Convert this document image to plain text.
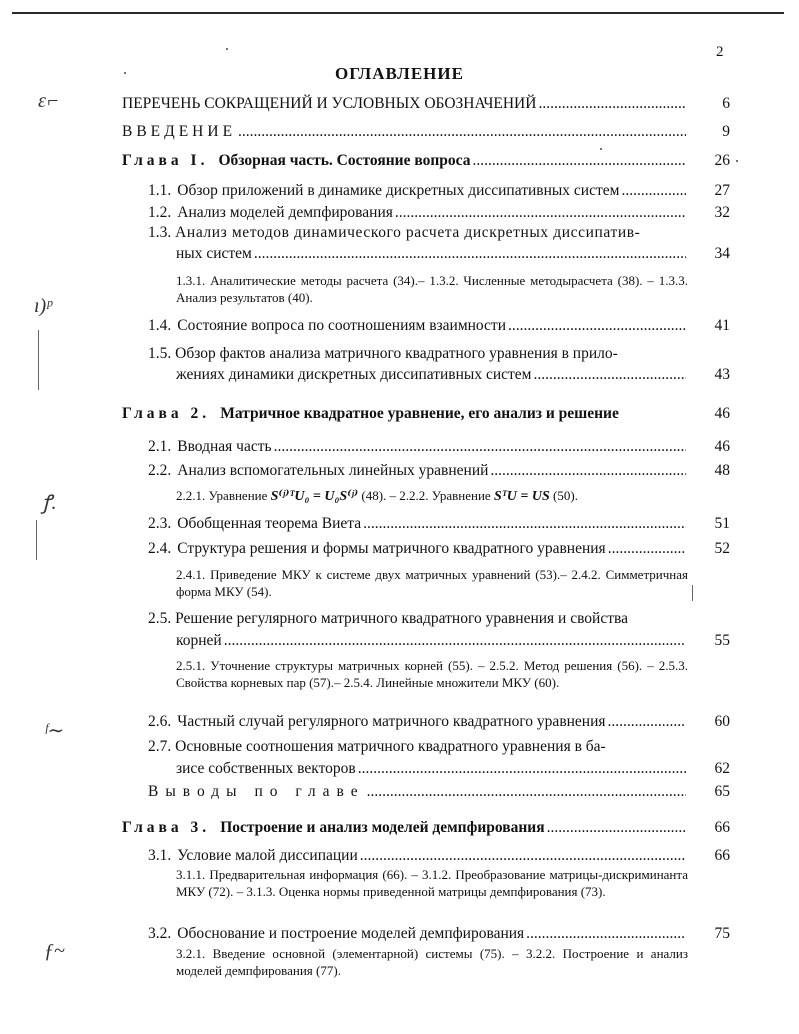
2
ОГЛАВЛЕНИЕ
ɛ⌐
ı)ᵖ
ꝭ.
ᶠ∼
ƒ~
ПЕРЕЧЕНЬ СОКРАЩЕНИЙ И УСЛОВНЫХ ОБОЗНАЧЕНИЙ .....	6
ВВЕДЕНИЕ .....	9
Глава I. Обзорная часть. Состояние вопроса .....	26
1.1. Обзор приложений в динамике дискретных диссипативных систем .....	27
1.2. Анализ моделей демпфирования .....	32
1.3. Анализ методов динамического расчета дискретных диссипатив-
ных систем .....	34
1.3.1. Аналитические методы расчета (34).– 1.3.2. Численные методырасчета (38). – 1.3.3. Анализ результатов (40).
1.4. Состояние вопроса по соотношениям взаимности .....	41
1.5. Обзор фактов анализа матричного квадратного уравнения в прило-
жениях динамики дискретных диссипативных систем .....	43
Глава 2. Матричное квадратное уравнение, его анализ и решение	46
2.1. Вводная часть .....	46
2.2. Анализ вспомогательных линейных уравнений .....	48
2.2.1. Уравнение S⁽ʲ⁾ᵀU₀ = U₀S⁽ʲ⁾ (48). – 2.2.2. Уравнение SᵀU = US (50).
2.3. Обобщенная теорема Виета .....	51
2.4. Структура решения и формы матричного квадратного уравнения .....	52
2.4.1. Приведение МКУ к системе двух матричных уравнений (53).– 2.4.2. Симметричная форма МКУ (54).
2.5. Решение регулярного матричного квадратного уравнения и свойства
корней .....	55
2.5.1. Уточнение структуры матричных корней (55). – 2.5.2. Метод решения (56). – 2.5.3. Свойства корневых пар (57).– 2.5.4. Линейные множители МКУ (60).
2.6. Частный случай регулярного матричного квадратного уравнения .....	60
2.7. Основные соотношения матричного квадратного уравнения в ба-
зисе собственных векторов .....	62
Выводы по главе .....	65
Глава 3. Построение и анализ моделей демпфирования .....	66
3.1. Условие малой диссипации .....	66
3.1.1. Предварительная информация (66). – 3.1.2. Преобразование матрицы-дискриминанта МКУ (72). – 3.1.3. Оценка нормы приведенной матрицы демпфирования (73).
3.2. Обоснование и построение моделей демпфирования .....	75
3.2.1. Введение основной (элементарной) системы (75). – 3.2.2. Построение и анализ моделей демпфирования (77).
